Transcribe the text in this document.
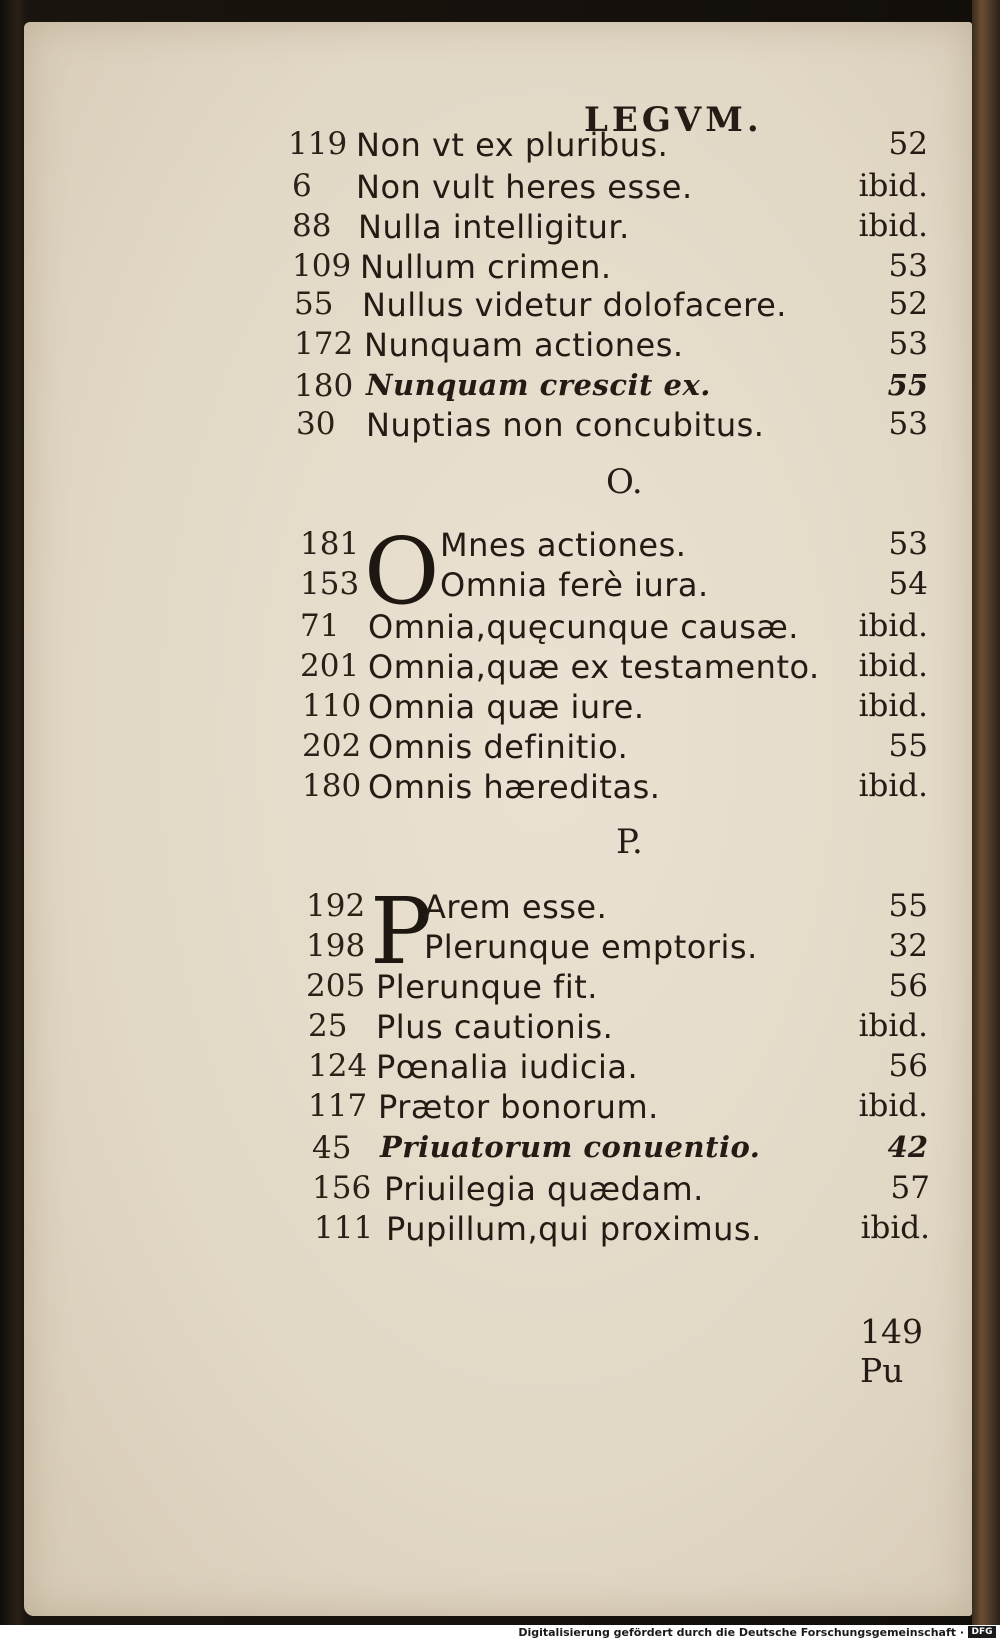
LEGVM.
119 Non vt ex pluribus.	52
6 Non vult heres esse.	ibid.
88 Nulla intelligitur.	ibid.
109 Nullum crimen.	53
55 Nullus videtur dolofacere.	52
172 Nunquam actiones.	53
180 Nunquam crescit ex.	55
30 Nuptias non concubitus.	53
O.
O
181	Mnes actiones.	53
153	Omnia ferè iura.	54
71 Omnia,quęcunque causæ. ibid.
201 Omnia,quæ ex testamento. ibid.
110 Omnia quæ iure.	ibid.
202 Omnis definitio.	55
180 Omnis hæreditas.	ibid.
P.
P
192 Arem esse.	55
198 Plerunque emptoris.	32
205 Plerunque fit.	56
25 Plus cautionis.	ibid.
124 Pœnalia iudicia.	56
117 Prætor bonorum.	ibid.
45 Priuatorum conuentio.	42
156 Priuilegia quædam.	57
111 Pupillum,qui proximus.	ibid.
149 Pu
Digitalisierung gefördert durch die Deutsche Forschungsgemeinschaft · DFG
